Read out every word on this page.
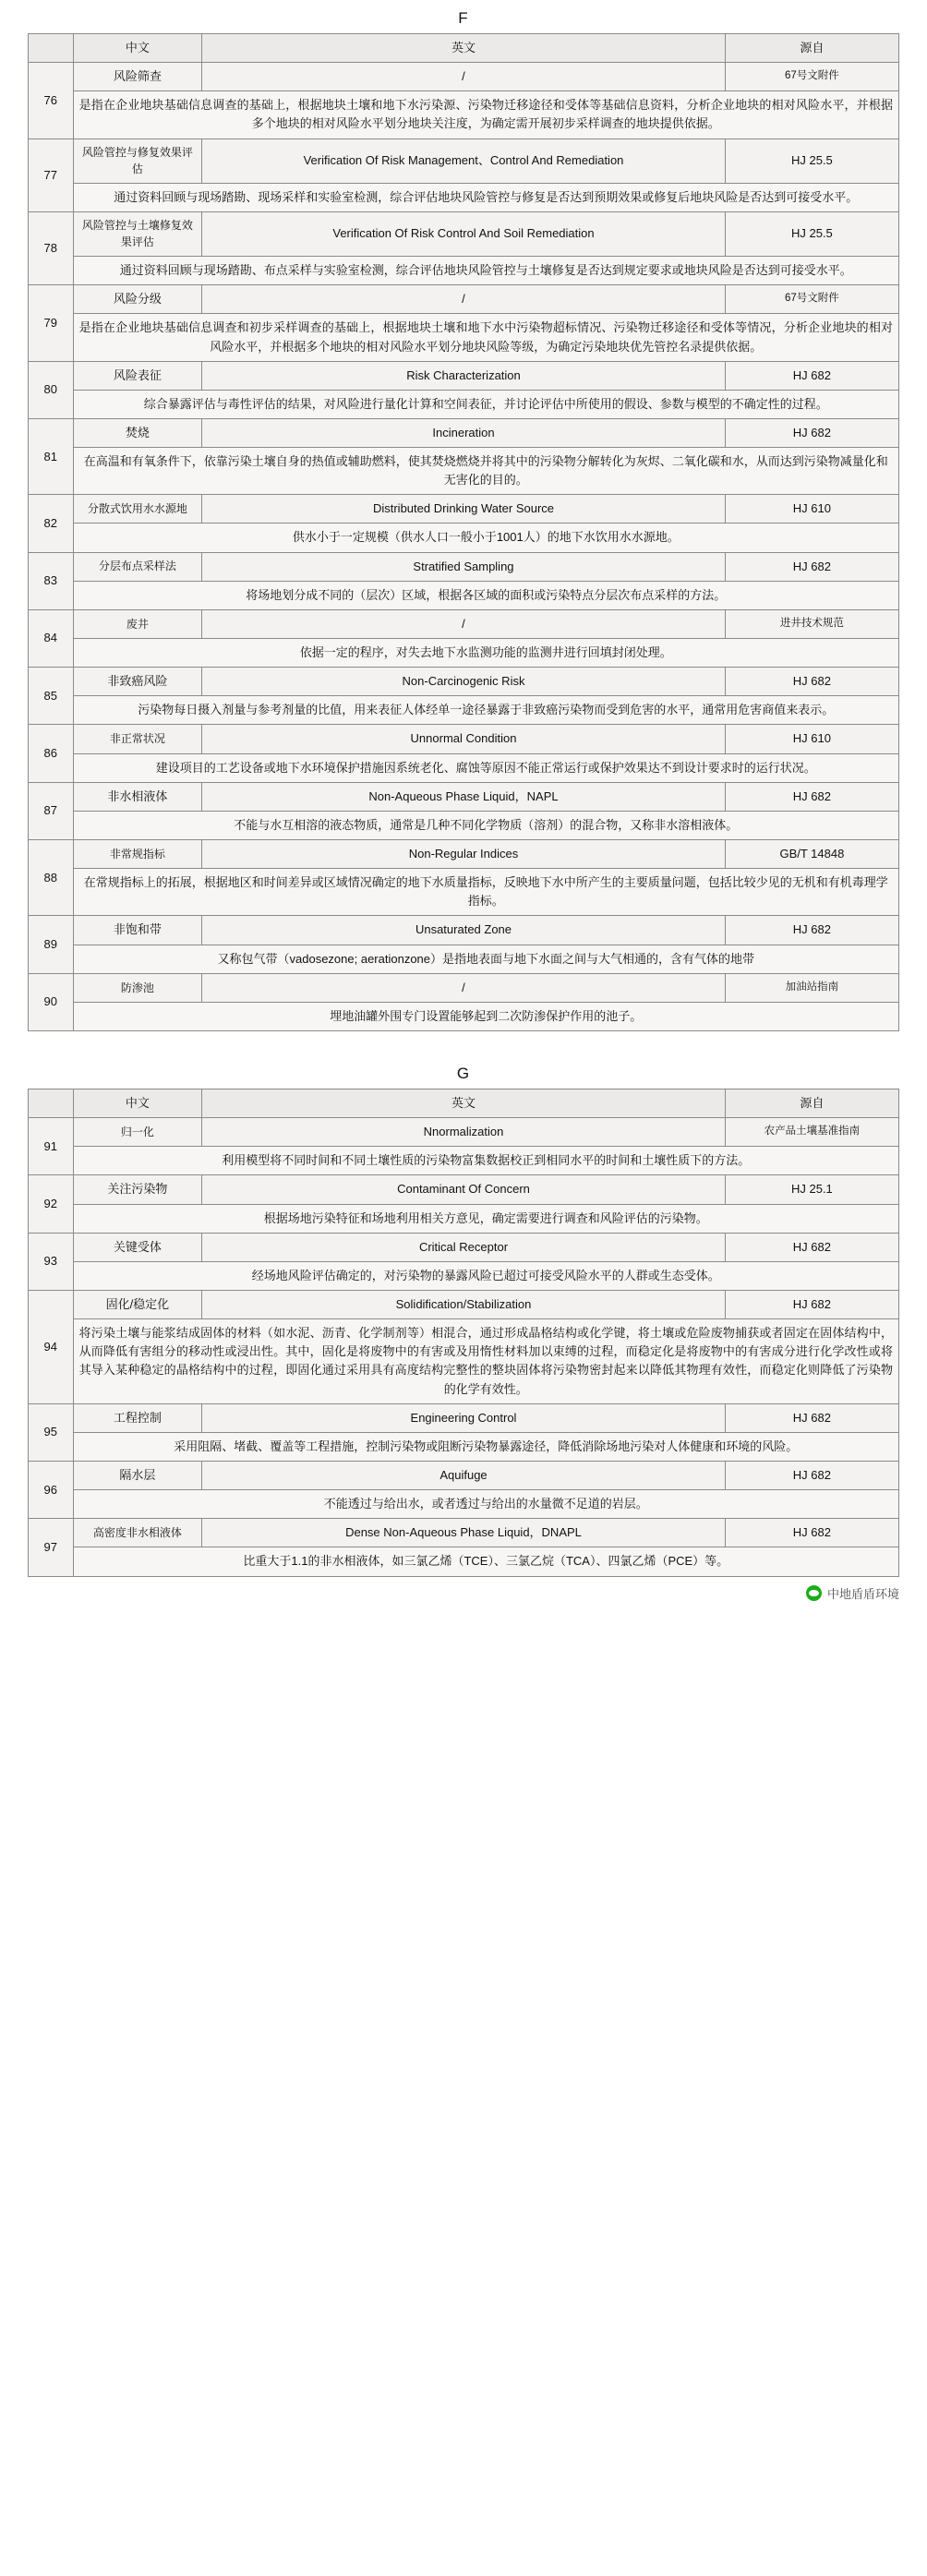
F
	中文	英文	源自
76	风险筛查	/	67号文附件
	是指在企业地块基础信息调查的基础上，根据地块土壤和地下水污染源、污染物迁移途径和受体等基础信息资料，分析企业地块的相对风险水平，并根据多个地块的相对风险水平划分地块关注度，为确定需开展初步采样调查的地块提供依据。		
77	风险管控与修复效果评估	Verification Of Risk Management、Control And Remediation	HJ 25.5
	通过资料回顾与现场踏勘、现场采样和实验室检测，综合评估地块风险管控与修复是否达到预期效果或修复后地块风险是否达到可接受水平。		
78	风险管控与土壤修复效果评估	Verification Of Risk Control And Soil Remediation	HJ 25.5
	通过资料回顾与现场踏勘、布点采样与实验室检测，综合评估地块风险管控与土壤修复是否达到规定要求或地块风险是否达到可接受水平。		
79	风险分级	/	67号文附件
	是指在企业地块基础信息调查和初步采样调查的基础上，根据地块土壤和地下水中污染物超标情况、污染物迁移途径和受体等情况，分析企业地块的相对风险水平，并根据多个地块的相对风险水平划分地块风险等级，为确定污染地块优先管控名录提供依据。		
80	风险表征	Risk Characterization	HJ 682
	综合暴露评估与毒性评估的结果，对风险进行量化计算和空间表征，并讨论评估中所使用的假设、参数与模型的不确定性的过程。		
81	焚烧	Incineration	HJ 682
	在高温和有氧条件下，依靠污染土壤自身的热值或辅助燃料，使其焚烧燃烧并将其中的污染物分解转化为灰烬、二氧化碳和水，从而达到污染物减量化和无害化的目的。		
82	分散式饮用水水源地	Distributed Drinking Water Source	HJ 610
	供水小于一定规模（供水人口一般小于1001人）的地下水饮用水水源地。		
83	分层布点采样法	Stratified Sampling	HJ 682
	将场地划分成不同的（层次）区域，根据各区域的面积或污染特点分层次布点采样的方法。		
84	废井	/	进井技术规范
	依据一定的程序，对失去地下水监测功能的监测井进行回填封闭处理。		
85	非致癌风险	Non-Carcinogenic Risk	HJ 682
	污染物每日摄入剂量与参考剂量的比值，用来表征人体经单一途径暴露于非致癌污染物而受到危害的水平，通常用危害商值来表示。		
86	非正常状况	Unnormal Condition	HJ 610
	建设项目的工艺设备或地下水环境保护措施因系统老化、腐蚀等原因不能正常运行或保护效果达不到设计要求时的运行状况。		
87	非水相液体	Non-Aqueous Phase Liquid，NAPL	HJ 682
	不能与水互相溶的液态物质，通常是几种不同化学物质（溶剂）的混合物，又称非水溶相液体。		
88	非常规指标	Non-Regular Indices	GB/T 14848
	在常规指标上的拓展，根据地区和时间差异或区域情况确定的地下水质量指标，反映地下水中所产生的主要质量问题，包括比较少见的无机和有机毒理学指标。		
89	非饱和带	Unsaturated Zone	HJ 682
	又称包气带（vadosezone; aerationzone）是指地表面与地下水面之间与大气相通的，含有气体的地带		
90	防渗池	/	加油站指南
	埋地油罐外围专门设置能够起到二次防渗保护作用的池子。		
G
	中文	英文	源自
91	归一化	Nnormalization	农产品土壤基准指南
	利用模型将不同时间和不同土壤性质的污染物富集数据校正到相同水平的时间和土壤性质下的方法。		
92	关注污染物	Contaminant Of Concern	HJ 25.1
	根据场地污染特征和场地利用相关方意见，确定需要进行调查和风险评估的污染物。		
93	关键受体	Critical Receptor	HJ 682
	经场地风险评估确定的，对污染物的暴露风险已超过可接受风险水平的人群或生态受体。		
94	固化/稳定化	Solidification/Stabilization	HJ 682
	将污染土壤与能浆结成固体的材料（如水泥、沥青、化学制剂等）相混合，通过形成晶格结构或化学键，将土壤或危险废物捕获或者固定在固体结构中，从而降低有害组分的移动性或浸出性。其中，固化是将废物中的有害或及用惰性材料加以束缚的过程，而稳定化是将废物中的有害成分进行化学改性或将其导入某种稳定的晶格结构中的过程，即固化通过采用具有高度结构完整性的整块固体将污染物密封起来以降低其物理有效性，而稳定化则降低了污染物的化学有效性。		
95	工程控制	Engineering Control	HJ 682
	采用阻隔、堵截、覆盖等工程措施，控制污染物或阻断污染物暴露途径，降低消除场地污染对人体健康和环境的风险。		
96	隔水层	Aquifuge	HJ 682
	不能透过与给出水，或者透过与给出的水量微不足道的岩层。		
97	高密度非水相液体	Dense Non-Aqueous Phase Liquid，DNAPL	HJ 682
	比重大于1.1的非水相液体，如三氯乙烯（TCE）、三氯乙烷（TCA）、四氯乙烯（PCE）等。		
中地盾盾环境
